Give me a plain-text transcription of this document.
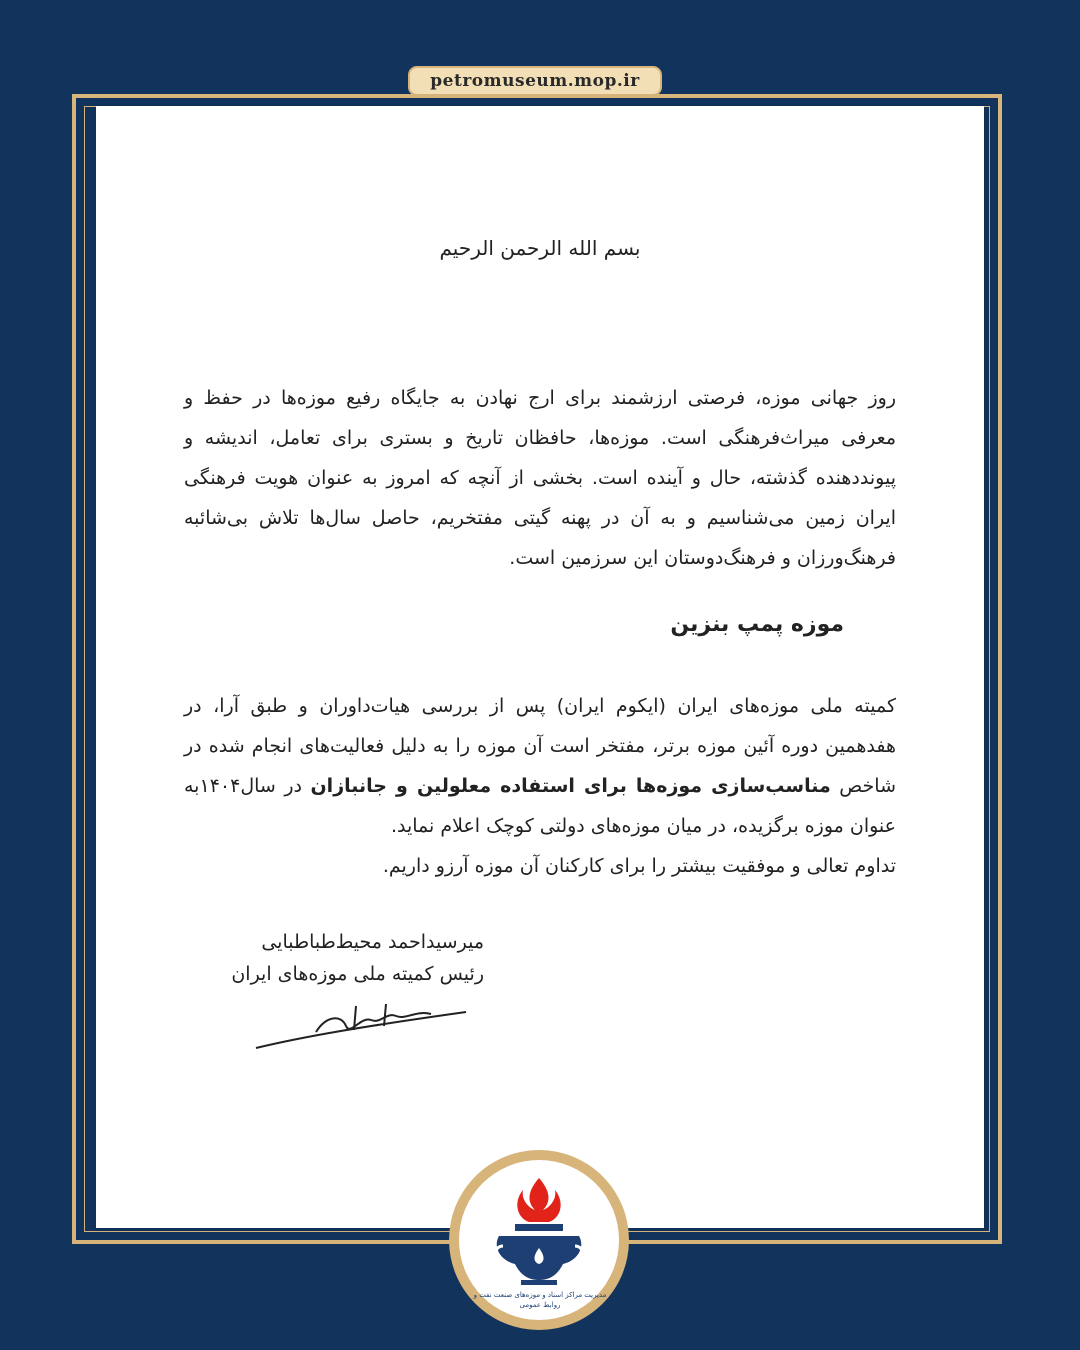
بسم الله الرحمن الرحیم
روز جهانی موزه، فرصتی ارزشمند برای ارج نهادن به جایگاه رفیع موزه‌ها در حفظ و معرفی میراث‌فرهنگی است. موزه‌ها، حافظان تاریخ و بستری برای تعامل، اندیشه و پیونددهنده گذشته، حال و آینده است. بخشی از آنچه که امروز به عنوان هویت فرهنگی ایران زمین می‌شناسیم و به آن در پهنه گیتی مفتخریم، حاصل سال‌ها تلاش بی‌شائبه فرهنگ‌ورزان و فرهنگ‌دوستان این سرزمین است.
موزه پمپ بنزین
کمیته ملی موزه‌های ایران (ایکوم ایران) پس از بررسی هیات‌داوران و طبق آرا، در هفدهمین دوره آئین موزه برتر، مفتخر است آن موزه را به دلیل فعالیت‌های انجام شده در شاخص مناسب‌سازی موزه‌ها برای استفاده معلولین و جانبازان در سال۱۴۰۴به عنوان موزه برگزیده، در میان موزه‌های دولتی کوچک اعلام نماید.
تداوم تعالی و موفقیت بیشتر را برای کارکنان آن موزه آرزو داریم.
میرسیداحمد محیط‌طباطبایی
رئیس کمیته ملی موزه‌های ایران
petromuseum.mop.ir
مدیریت مراکز اسناد و موزه‌های صنعت نفت و روابط عمومی
